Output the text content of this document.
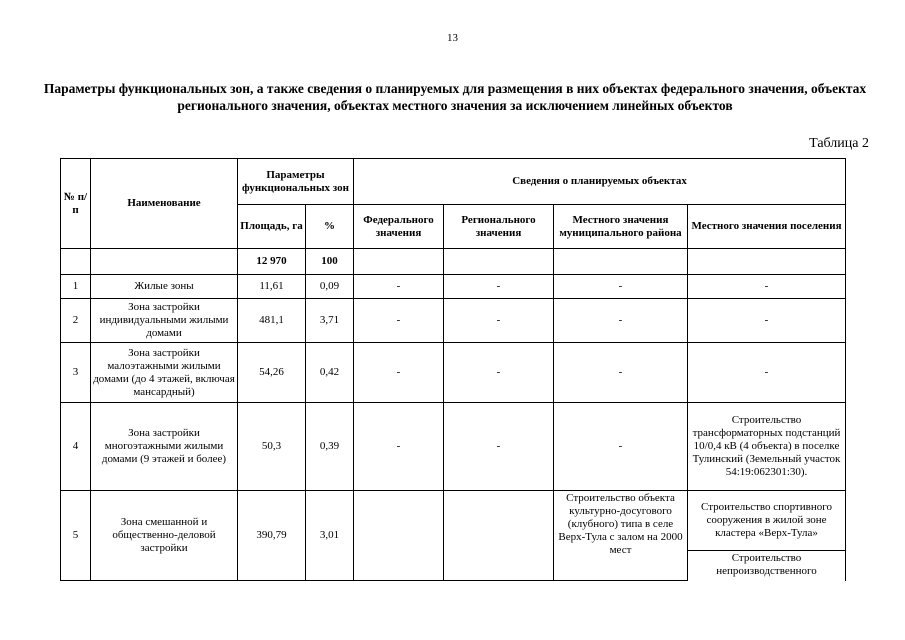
13
Параметры функциональных зон, а также сведения о планируемых для размещения в них объектах федерального значения, объектах регионального значения, объектах местного значения за исключением линейных объектов
Таблица 2
№ п/п	Наименование	Параметры функциональных зон		Сведения о планируемых объектах			
		Площадь, га	%	Федерального значения	Регионального значения	Местного значения муниципального района	Местного значения поселения
		12 970	100				
1	Жилые зоны	11,61	0,09	-	-	-	-
2	Зона застройки индивидуальными жилыми домами	481,1	3,71	-	-	-	-
3	Зона застройки малоэтажными жилыми домами (до 4 этажей, включая мансардный)	54,26	0,42	-	-	-	-
4	Зона застройки многоэтажными жилыми домами (9 этажей и более)	50,3	0,39	-	-	-	Строительство трансформаторных подстанций 10/0,4 кВ (4 объекта) в поселке Тулинский (Земельный участок 54:19:062301:30).
5	Зона смешанной и общественно-деловой застройки	390,79	3,01			Строительство объекта культурно-досугового (клубного) типа в селе Верх-Тула с залом на 2000 мест	Строительство спортивного сооружения в жилой зоне кластера «Верх-Тула»
							Строительство непроизводственного
